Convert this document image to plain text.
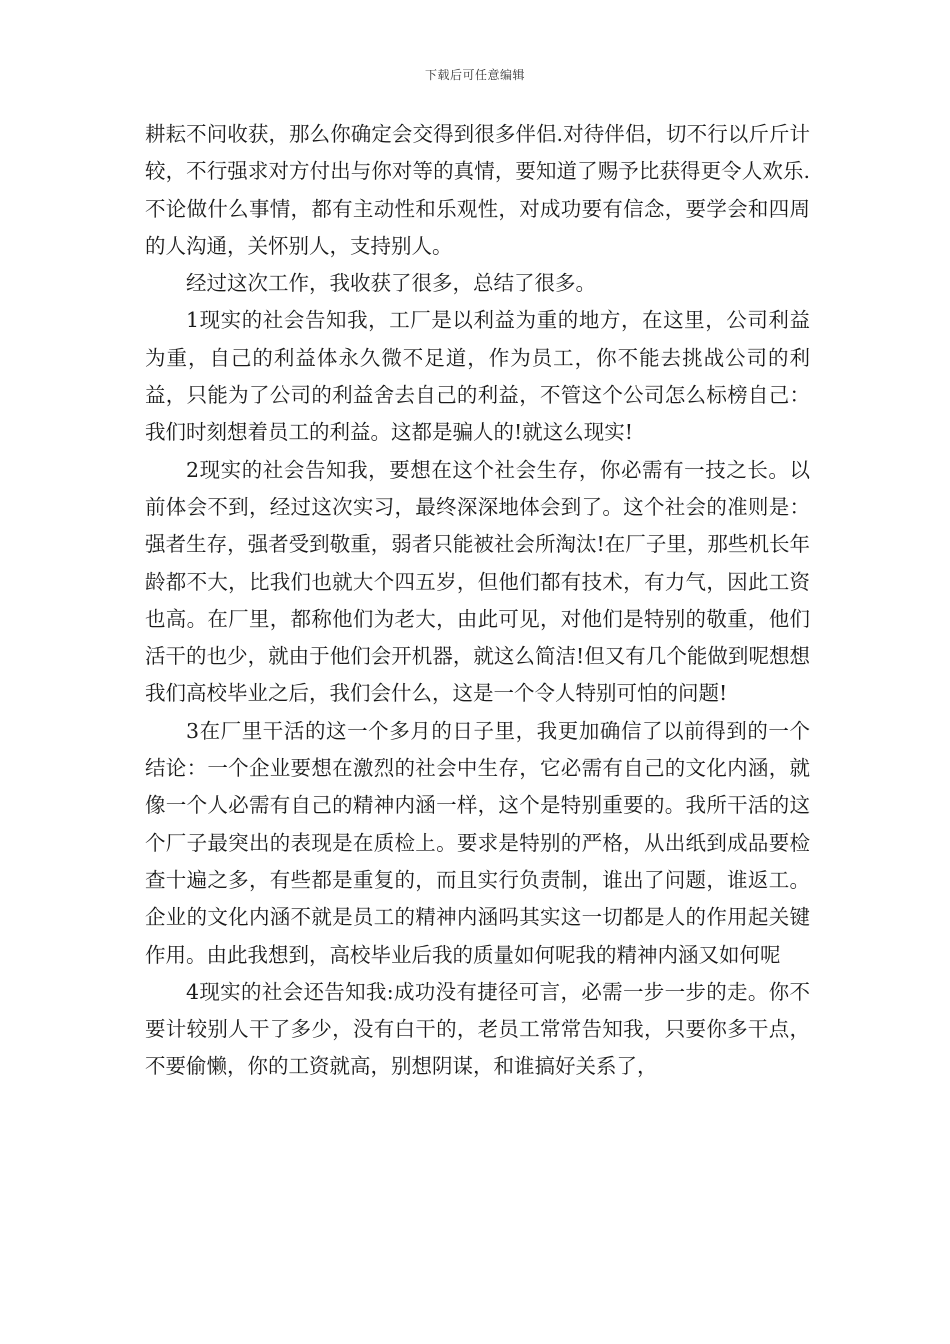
下载后可任意编辑

耕耘不问收获，那么你确定会交得到很多伴侣.对待伴侣，切不行以斤斤计较，不行强求对方付出与你对等的真情，要知道了赐予比获得更令人欢乐.不论做什么事情，都有主动性和乐观性，对成功要有信念，要学会和四周的人沟通，关怀别人，支持别人。

经过这次工作，我收获了很多，总结了很多。

1现实的社会告知我，工厂是以利益为重的地方，在这里，公司利益为重，自己的利益体永久微不足道，作为员工，你不能去挑战公司的利益，只能为了公司的利益舍去自己的利益，不管这个公司怎么标榜自己：我们时刻想着员工的利益。这都是骗人的!就这么现实!

2现实的社会告知我，要想在这个社会生存，你必需有一技之长。以前体会不到，经过这次实习，最终深深地体会到了。这个社会的准则是：强者生存，强者受到敬重，弱者只能被社会所淘汰!在厂子里，那些机长年龄都不大，比我们也就大个四五岁，但他们都有技术，有力气，因此工资也高。在厂里，都称他们为老大，由此可见，对他们是特别的敬重，他们活干的也少，就由于他们会开机器，就这么简洁!但又有几个能做到呢想想我们高校毕业之后，我们会什么，这是一个令人特别可怕的问题!

3在厂里干活的这一个多月的日子里，我更加确信了以前得到的一个结论：一个企业要想在激烈的社会中生存，它必需有自己的文化内涵，就像一个人必需有自己的精神内涵一样，这个是特别重要的。我所干活的这个厂子最突出的表现是在质检上。要求是特别的严格，从出纸到成品要检查十遍之多，有些都是重复的，而且实行负责制，谁出了问题，谁返工。企业的文化内涵不就是员工的精神内涵吗其实这一切都是人的作用起关键作用。由此我想到，高校毕业后我的质量如何呢我的精神内涵又如何呢

4现实的社会还告知我:成功没有捷径可言，必需一步一步的走。你不要计较别人干了多少，没有白干的，老员工常常告知我，只要你多干点，不要偷懒，你的工资就高，别想阴谋，和谁搞好关系了，
